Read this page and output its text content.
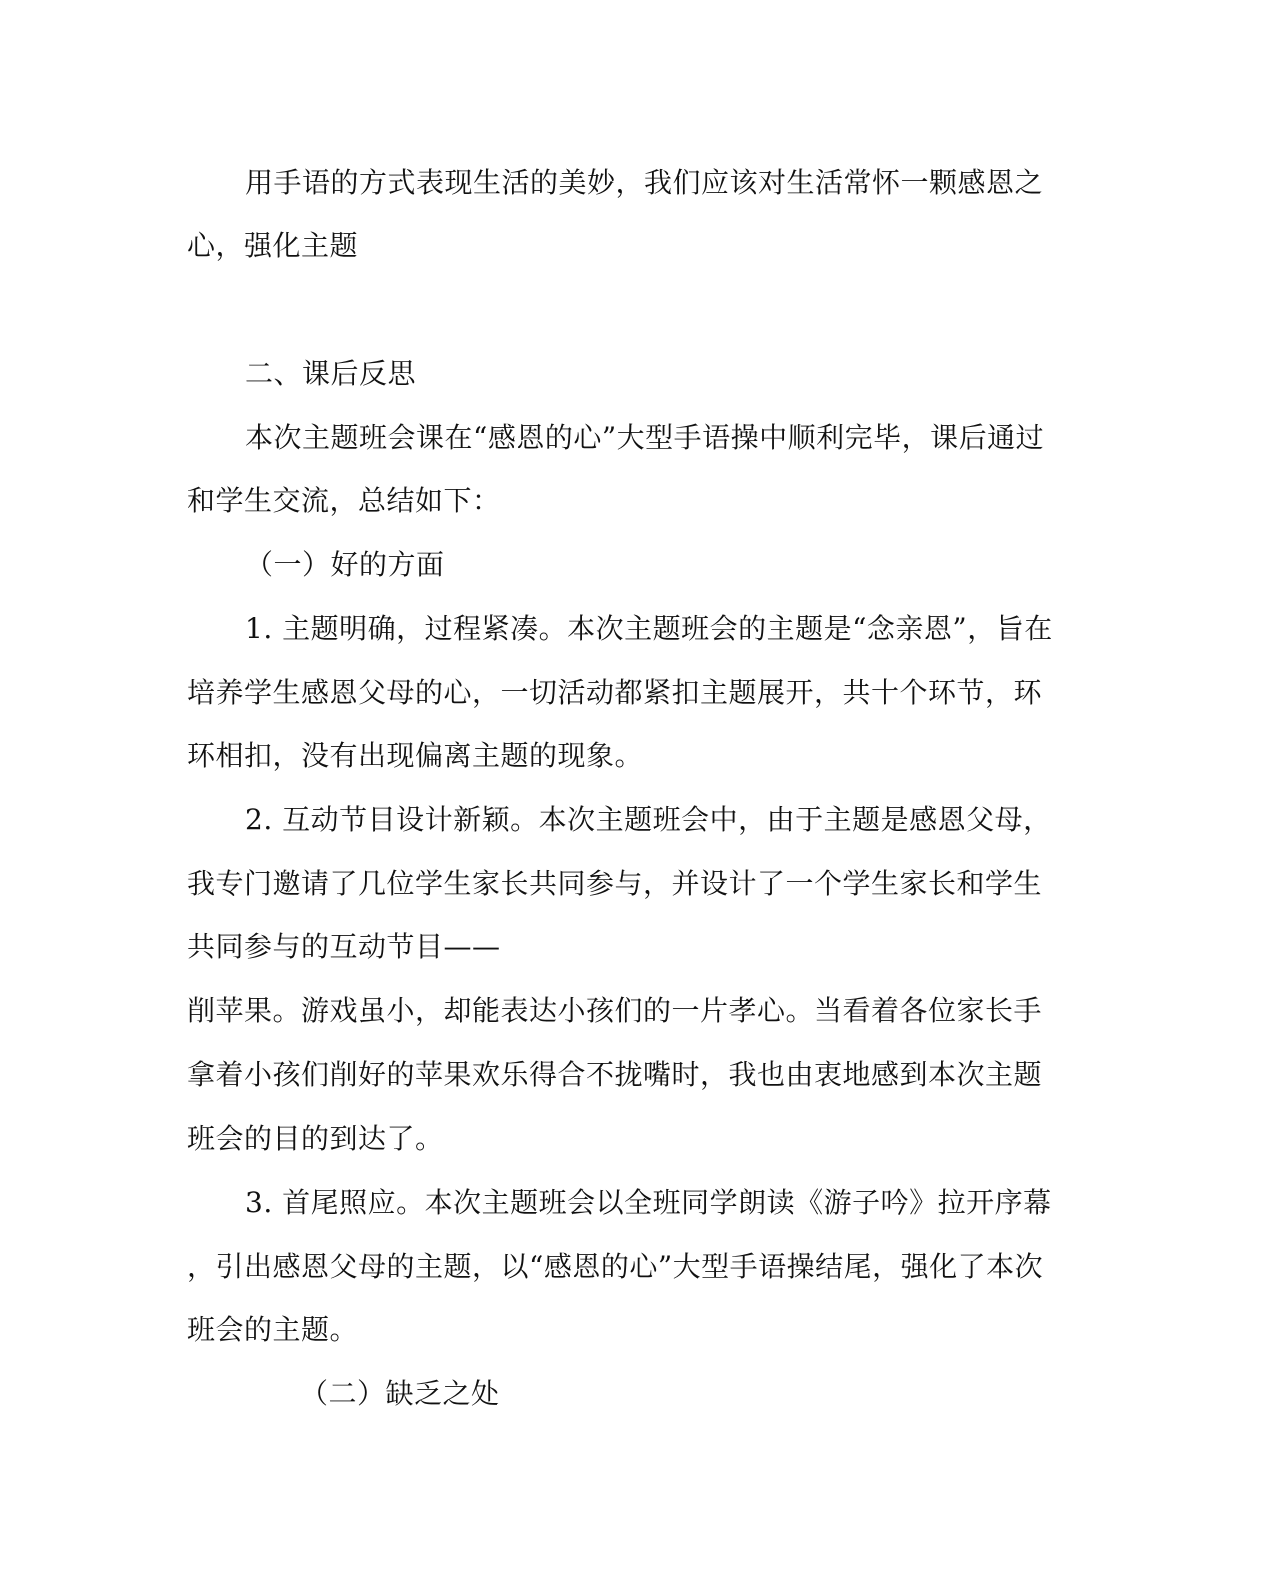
用手语的方式表现生活的美妙，我们应该对生活常怀一颗感恩之
心，强化主题
二、课后反思
本次主题班会课在“感恩的心”大型手语操中顺利完毕，课后通过
和学生交流，总结如下：
（一）好的方面
1. 主题明确，过程紧凑。本次主题班会的主题是“念亲恩”，旨在
培养学生感恩父母的心，一切活动都紧扣主题展开，共十个环节，环
环相扣，没有出现偏离主题的现象。
2. 互动节目设计新颖。本次主题班会中，由于主题是感恩父母，
我专门邀请了几位学生家长共同参与，并设计了一个学生家长和学生
共同参与的互动节目——
削苹果。游戏虽小，却能表达小孩们的一片孝心。当看着各位家长手
拿着小孩们削好的苹果欢乐得合不拢嘴时，我也由衷地感到本次主题
班会的目的到达了。
3. 首尾照应。本次主题班会以全班同学朗读《游子吟》拉开序幕
，引出感恩父母的主题，以“感恩的心”大型手语操结尾，强化了本次
班会的主题。
（二）缺乏之处
